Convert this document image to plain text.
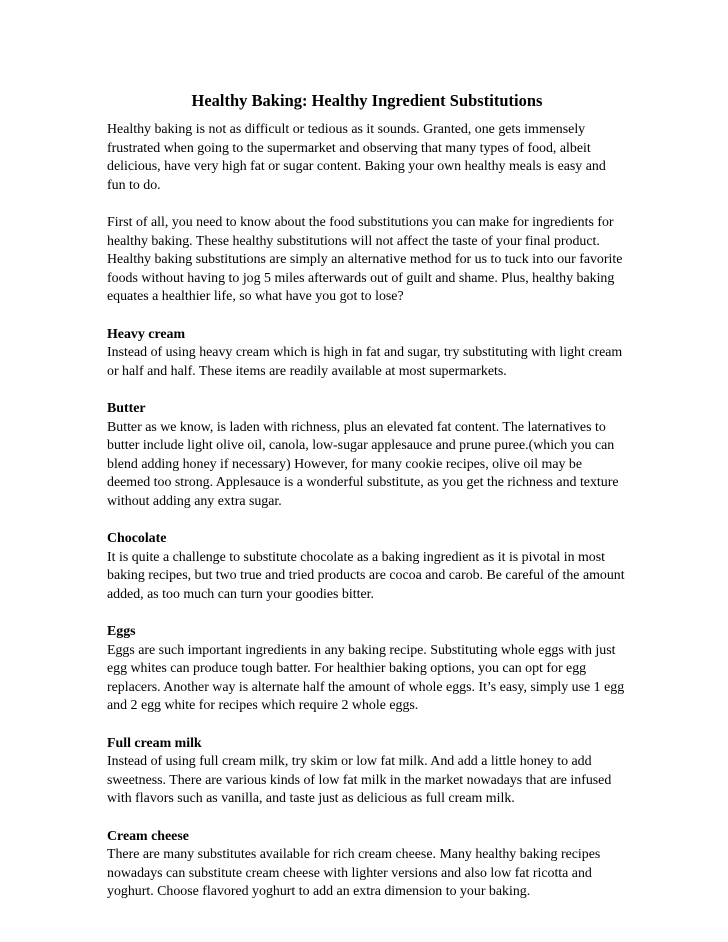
Healthy Baking: Healthy Ingredient Substitutions

Healthy baking is not as difficult or tedious as it sounds. Granted, one gets immensely frustrated when going to the supermarket and observing that many types of food, albeit delicious, have very high fat or sugar content. Baking your own healthy meals is easy and fun to do.

First of all, you need to know about the food substitutions you can make for ingredients for healthy baking. These healthy substitutions will not affect the taste of your final product. Healthy baking substitutions are simply an alternative method for us to tuck into our favorite foods without having to jog 5 miles afterwards out of guilt and shame. Plus, healthy baking equates a healthier life, so what have you got to lose?

Heavy cream
Instead of using heavy cream which is high in fat and sugar, try substituting with light cream or half and half. These items are readily available at most supermarkets.
Butter
Butter as we know, is laden with richness, plus an elevated fat content. The laternatives to butter include light olive oil, canola, low-sugar applesauce and prune puree.(which you can blend adding honey if necessary) However, for many cookie recipes, olive oil may be deemed too strong. Applesauce is a wonderful substitute, as you get the richness and texture without adding any extra sugar.
Chocolate
It is quite a challenge to substitute chocolate as a baking ingredient as it is pivotal in most baking recipes, but two true and tried products are cocoa and carob. Be careful of the amount added, as too much can turn your goodies bitter.
Eggs
Eggs are such important ingredients in any baking recipe. Substituting whole eggs with just egg whites can produce tough batter. For healthier baking options, you can opt for egg replacers. Another way is alternate half the amount of whole eggs. It’s easy, simply use 1 egg and 2 egg white for recipes which require 2 whole eggs.
Full cream milk
Instead of using full cream milk, try skim or low fat milk. And add a little honey to add sweetness. There are various kinds of low fat milk in the market nowadays that are infused with flavors such as vanilla, and taste just as delicious as full cream milk.
Cream cheese
There are many substitutes available for rich cream cheese. Many healthy baking recipes nowadays can substitute cream cheese with lighter versions and also low fat ricotta and yoghurt. Choose flavored yoghurt to add an extra dimension to your baking.
